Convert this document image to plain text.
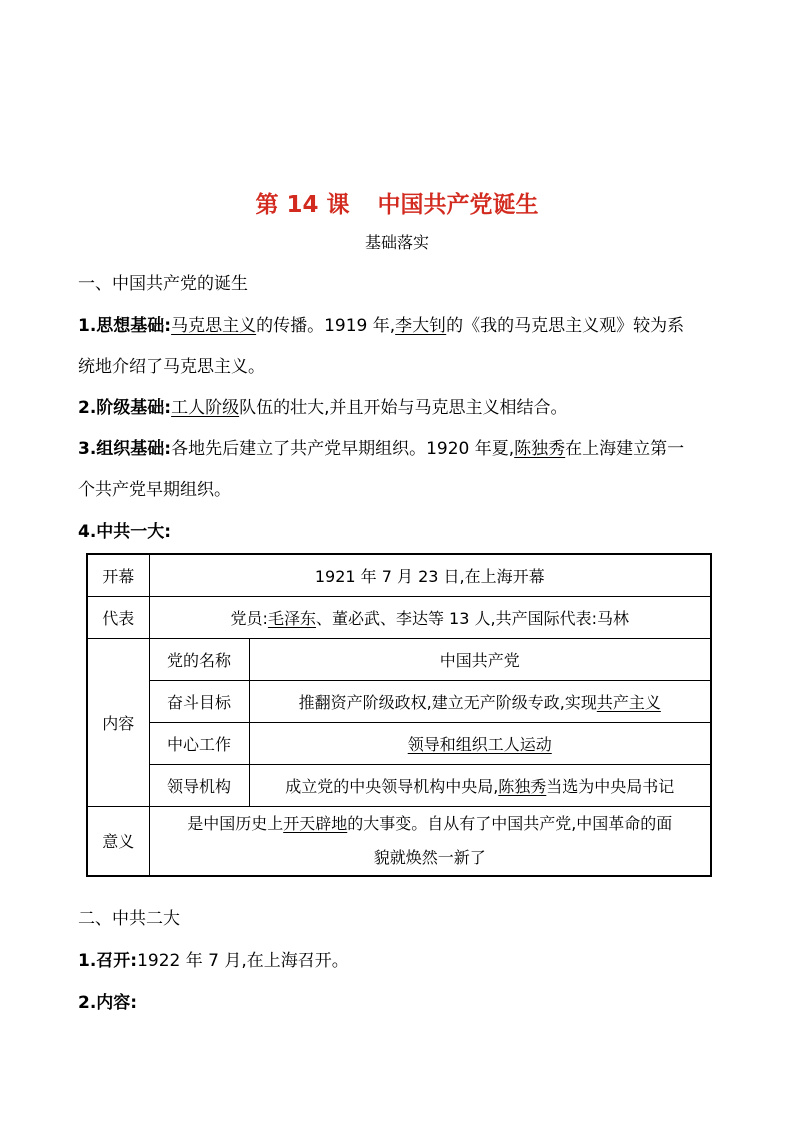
第 14 课 中国共产党诞生
基础落实
一、中国共产党的诞生
1.思想基础:马克思主义的传播。1919 年,李大钊的《我的马克思主义观》较为系
统地介绍了马克思主义。
2.阶级基础:工人阶级队伍的壮大,并且开始与马克思主义相结合。
3.组织基础:各地先后建立了共产党早期组织。1920 年夏,陈独秀在上海建立第一
个共产党早期组织。
4.中共一大:
开幕	1921 年 7 月 23 日,在上海开幕	
代表	党员:毛泽东、董必武、李达等 13 人,共产国际代表:马林	
内容	党的名称	中国共产党
	奋斗目标	推翻资产阶级政权,建立无产阶级专政,实现共产主义
	中心工作	领导和组织工人运动
	领导机构	成立党的中央领导机构中央局,陈独秀当选为中央局书记
意义	是中国历史上开天辟地的大事变。自从有了中国共产党,中国革命的面
貌就焕然一新了	
二、中共二大
1.召开:1922 年 7 月,在上海召开。
2.内容:
